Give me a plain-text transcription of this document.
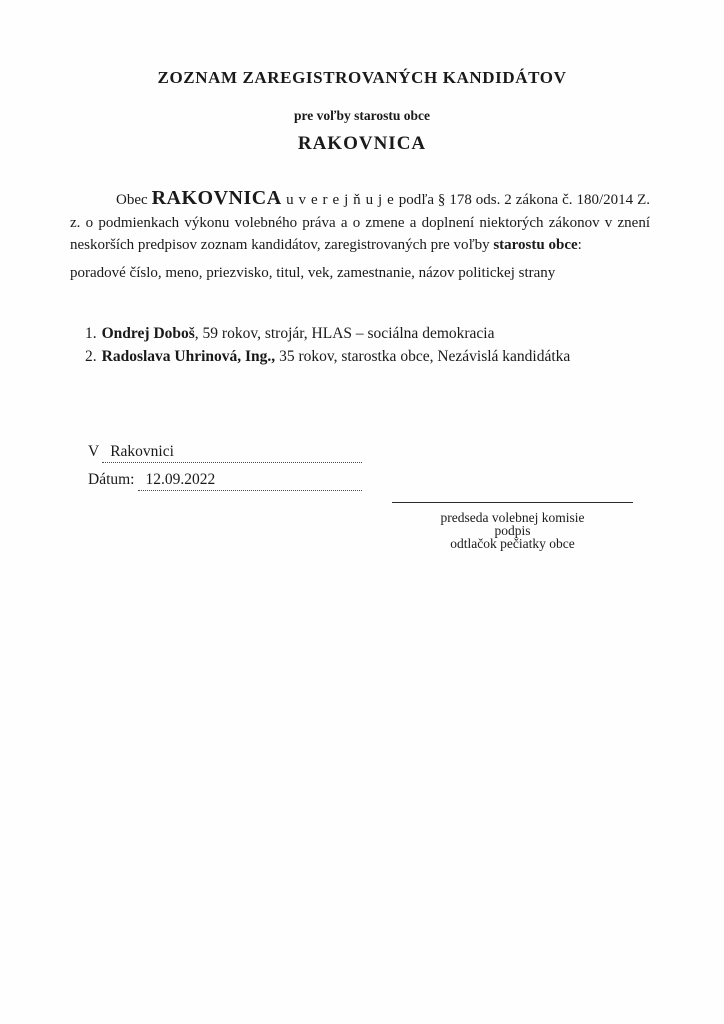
ZOZNAM ZAREGISTROVANÝCH KANDIDÁTOV
pre voľby starostu obce
RAKOVNICA

Obec RAKOVNICA u v e r e j ň u j e podľa § 178 ods. 2 zákona č. 180/2014 Z. z. o podmienkach výkonu volebného práva a o zmene a doplnení niektorých zákonov v znení neskorších predpisov zoznam kandidátov, zaregistrovaných pre voľby starostu obce:

poradové číslo, meno, priezvisko, titul, vek, zamestnanie, názov politickej strany

1. Ondrej Doboš, 59 rokov, strojár, HLAS – sociálna demokracia
2. Radoslava Uhrinová, Ing., 35 rokov, starostka obce, Nezávislá kandidátka
V Rakovnici
Dátum: 12.09.2022
predseda volebnej komisie
podpis
odtlačok pečiatky obce
